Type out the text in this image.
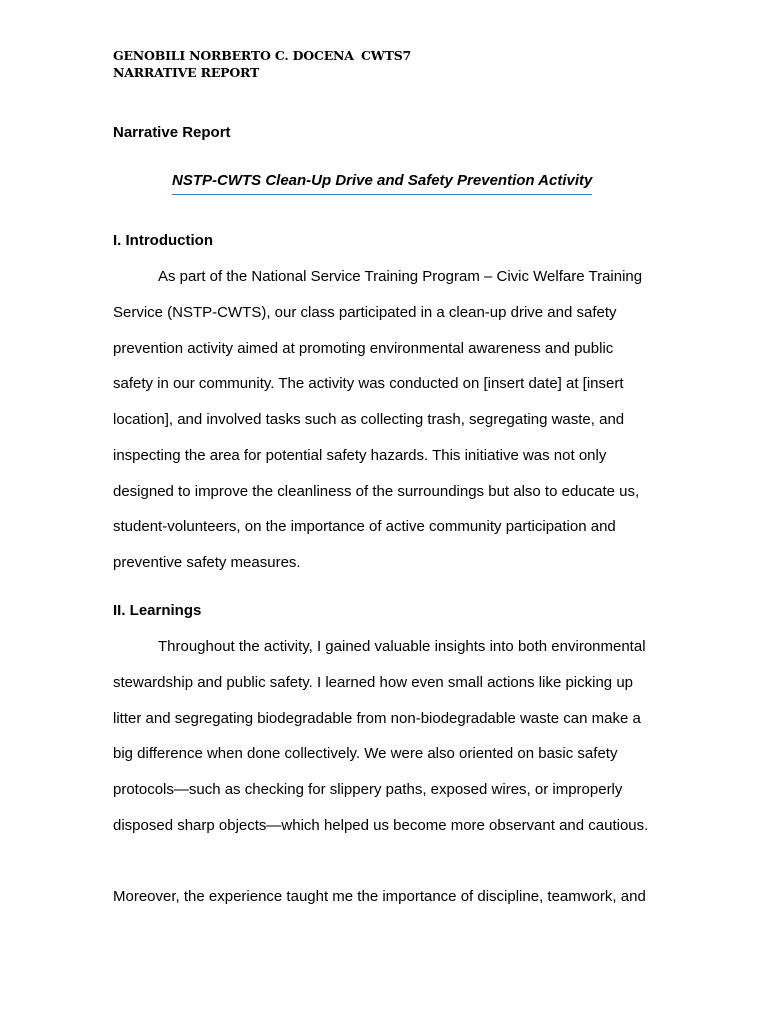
GENOBILI NORBERTO C. DOCENA CWTS7
NARRATIVE REPORT
Narrative Report
NSTP-CWTS Clean-Up Drive and Safety Prevention Activity
I. Introduction
As part of the National Service Training Program – Civic Welfare Training
Service (NSTP-CWTS), our class participated in a clean-up drive and safety
prevention activity aimed at promoting environmental awareness and public
safety in our community. The activity was conducted on [insert date] at [insert
location], and involved tasks such as collecting trash, segregating waste, and
inspecting the area for potential safety hazards. This initiative was not only
designed to improve the cleanliness of the surroundings but also to educate us,
student-volunteers, on the importance of active community participation and
preventive safety measures.
II. Learnings
Throughout the activity, I gained valuable insights into both environmental
stewardship and public safety. I learned how even small actions like picking up
litter and segregating biodegradable from non-biodegradable waste can make a
big difference when done collectively. We were also oriented on basic safety
protocols—such as checking for slippery paths, exposed wires, or improperly
disposed sharp objects—which helped us become more observant and cautious.
Moreover, the experience taught me the importance of discipline, teamwork, and
